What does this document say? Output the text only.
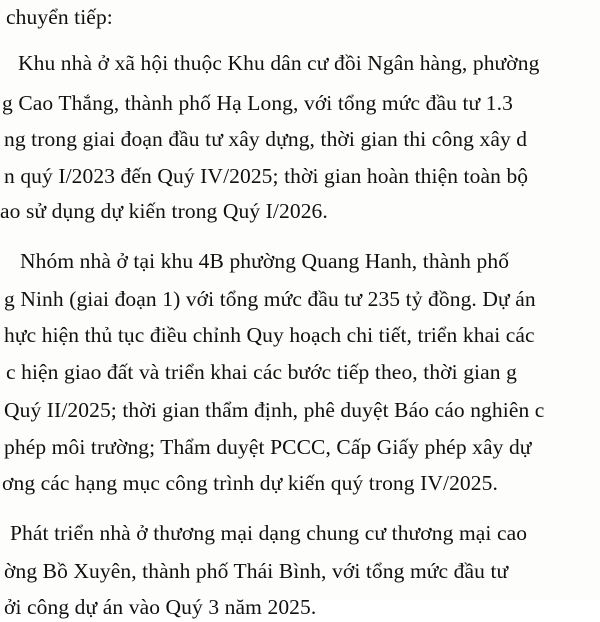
chuyển tiếp:
Khu nhà ở xã hội thuộc Khu dân cư đồi Ngân hàng, phường
g Cao Thắng, thành phố Hạ Long, với tổng mức đầu tư 1.3
ng trong giai đoạn đầu tư xây dựng, thời gian thi công xây d
n quý I/2023 đến Quý IV/2025; thời gian hoàn thiện toàn bộ
ao sử dụng dự kiến trong Quý I/2026.
Nhóm nhà ở tại khu 4B phường Quang Hanh, thành phố
g Ninh (giai đoạn 1) với tổng mức đầu tư 235 tỷ đồng. Dự án
hực hiện thủ tục điều chỉnh Quy hoạch chi tiết, triển khai các
c hiện giao đất và triển khai các bước tiếp theo, thời gian g
Quý II/2025; thời gian thẩm định, phê duyệt Báo cáo nghiên c
phép môi trường; Thẩm duyệt PCCC, Cấp Giấy phép xây dự
ơng các hạng mục công trình dự kiến quý trong IV/2025.
Phát triển nhà ở thương mại dạng chung cư thương mại cao
ờng Bồ Xuyên, thành phố Thái Bình, với tổng mức đầu tư
ởi công dự án vào Quý 3 năm 2025.
